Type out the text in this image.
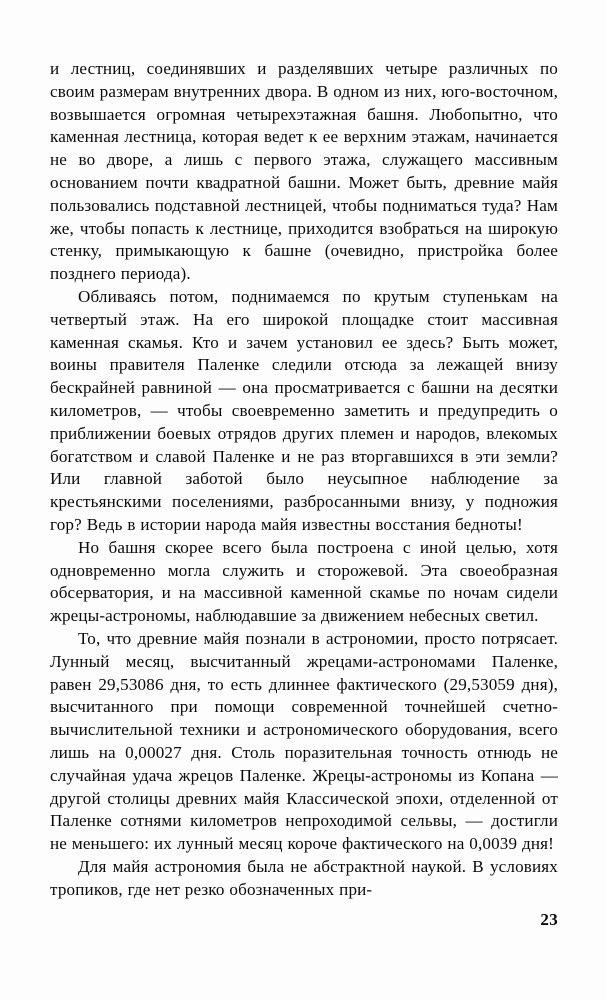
и лестниц, соединявших и разделявших четыре различных по своим размерам внутренних двора. В одном из них, юго-восточном, возвышается огромная четырехэтажная башня. Любопытно, что каменная лестница, которая ведет к ее верхним этажам, начинается не во дворе, а лишь с первого этажа, служащего массивным основанием почти квадратной башни. Может быть, древние майя пользовались подставной лестницей, чтобы подниматься туда? Нам же, чтобы попасть к лестнице, приходится взобраться на широкую стенку, примыкающую к башне (очевидно, пристройка более позднего периода).

Обливаясь потом, поднимаемся по крутым ступенькам на четвертый этаж. На его широкой площадке стоит массивная каменная скамья. Кто и зачем установил ее здесь? Быть может, воины правителя Паленке следили отсюда за лежащей внизу бескрайней равниной — она просматривается с башни на десятки километров, — чтобы своевременно заметить и предупредить о приближении боевых отрядов других племен и народов, влекомых богатством и славой Паленке и не раз вторгавшихся в эти земли? Или главной заботой было неусыпное наблюдение за крестьянскими поселениями, разбросанными внизу, у подножия гор? Ведь в истории народа майя известны восстания бедноты!

Но башня скорее всего была построена с иной целью, хотя одновременно могла служить и сторожевой. Эта своеобразная обсерватория, и на массивной каменной скамье по ночам сидели жрецы-астрономы, наблюдавшие за движением небесных светил.

То, что древние майя познали в астрономии, просто потрясает. Лунный месяц, высчитанный жрецами-астрономами Паленке, равен 29,53086 дня, то есть длиннее фактического (29,53059 дня), высчитанного при помощи современной точнейшей счетно-вычислительной техники и астрономического оборудования, всего лишь на 0,00027 дня. Столь поразительная точность отнюдь не случайная удача жрецов Паленке. Жрецы-астрономы из Копана — другой столицы древних майя Классической эпохи, отделенной от Паленке сотнями километров непроходимой сельвы, — достигли не меньшего: их лунный месяц короче фактического на 0,0039 дня!

Для майя астрономия была не абстрактной наукой. В условиях тропиков, где нет резко обозначенных при-

23
